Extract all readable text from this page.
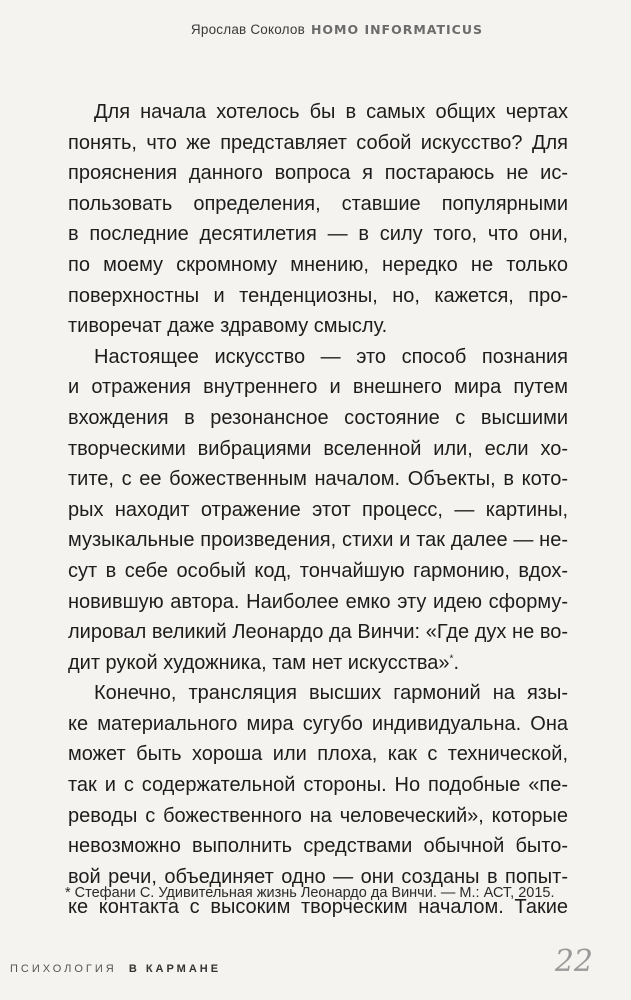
Ярослав Соколов HOMO INFORMATICUS
Для начала хотелось бы в самых общих чертах
понять, что же представляет собой искусство? Для
прояснения данного вопроса я постараюсь не ис-
пользовать определения, ставшие популярными
в последние десятилетия — в силу того, что они,
по моему скромному мнению, нередко не только
поверхностны и тенденциозны, но, кажется, про-
тиворечат даже здравому смыслу.
Настоящее искусство — это способ познания
и отражения внутреннего и внешнего мира путем
вхождения в резонансное состояние с высшими
творческими вибрациями вселенной или, если хо-
тите, с ее божественным началом. Объекты, в кото-
рых находит отражение этот процесс, — картины,
музыкальные произведения, стихи и так далее — не-
сут в себе особый код, тончайшую гармонию, вдох-
новившую автора. Наиболее емко эту идею сформу-
лировал великий Леонардо да Винчи: «Где дух не во-
дит рукой художника, там нет искусства»*.
Конечно, трансляция высших гармоний на язы-
ке материального мира сугубо индивидуальна. Она
может быть хороша или плоха, как с технической,
так и с содержательной стороны. Но подобные «пе-
реводы с божественного на человеческий», которые
невозможно выполнить средствами обычной быто-
вой речи, объединяет одно — они созданы в попыт-
ке контакта с высоким творческим началом. Такие
* Стефани С. Удивительная жизнь Леонардо да Винчи. — М.: АСТ, 2015.
ПСИХОЛОГИЯ В КАРМАНЕ	22
